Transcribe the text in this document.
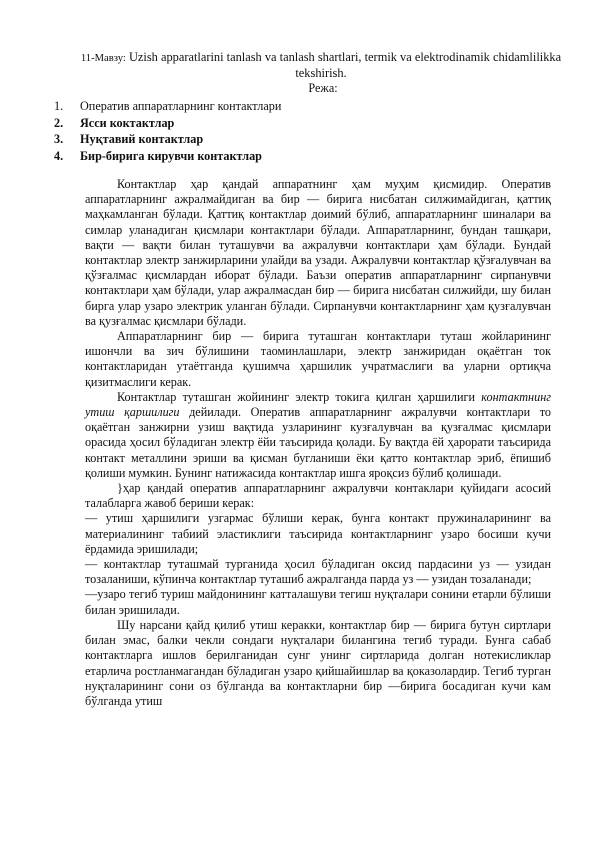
11-Мавзу: Uzish apparatlarini tanlash va tanlash shartlari, termik va elektrodinamik chidamlilikka tekshirish.
Режа:
1.	Оператив аппаратларнинг контактлари
2.	Ясси коктактлар
3.	Нуқтавий контактлар
4.	Бир-бирига кирувчи контактлар

Контактлар ҳар қандай аппаратнинг ҳам муҳим қисмидир. Оператив аппаратларнинг ажралмайдиган ва бир — бирига нисбатан силжимайдиган, қаттиқ маҳкамланган бўлади. Қаттиқ контактлар доимий бўлиб, аппаратларнинг шиналари ва симлар уланадиган қисмлари контактлари бўлади. Аппаратларнинг, бундан ташқари, вақти — вақти билан туташувчи ва ажралувчи контактлари ҳам бўлади. Бундай контактлар электр занжирларини улайди ва узади. Ажралувчи контактлар қўзғалувчан ва қўзғалмас қисмлардан иборат бўлади. Баъзи оператив аппаратларнинг сирпанувчи контактлари ҳам бўлади, улар ажралмасдан бир — бирига нисбатан силжийди, шу билан бирга улар узаро электрик уланган бўлади. Сирпанувчи контактларнинг ҳам қузғалувчан ва қузғалмас қисмлари бўлади.

Аппаратларнинг бир — бирига туташган контактлари туташ жойларининг ишончли ва зич бўлишини таоминлашлари, электр занжиридан оқаётган ток контактларидан утаётганда қушимча ҳаршилик учратмаслиги ва уларни ортиқча қизитмаслиги керак.

Контактлар туташган жойининг электр токига қилган ҳаршилиги контактнинг утиш қаршилиги дейилади. Оператив аппаратларнинг ажралувчи контактлари то оқаётган занжирни узиш вақтида узларининг кузғалувчан ва қузғалмас қисмлари орасида ҳосил бўладиган электр ёйи таъсирида қолади. Бу вақтда ёй ҳарорати таъсирида контакт металлини эриши ва қисман бугланиши ёки қатто контактлар эриб, ёпишиб қолиши мумкин. Бунинг натижасида контактлар ишга яроқсиз бўлиб қолишади.

}ҳар қандай оператив аппаратларнинг ажралувчи контаклари қуйидаги асосий талабларга жавоб бериши керак:

— утиш ҳаршилиги узгармас бўлиши керак, бунга контакт пружиналарининг ва материалининг табиий эластиклиги таъсирида контактларнинг узаро босиши кучи ёрдамида эришилади;

— контактлар туташмай турганида ҳосил бўладиган оксид пардасини уз — узидан тозаланиши, кўпинча контактлар туташиб ажралганда парда уз — узидан тозаланади;

—узаро тегиб туриш майдонининг катталашуви тегиш нуқталари сонини етарли бўлиши билан эришилади.

Шу нарсани қайд қилиб утиш керакки, контактлар бир — бирига бутун сиртлари билан эмас, балки чекли сондаги нуқталари билангина тегиб туради. Бунга сабаб контактларга ишлов берилганидан сунг унинг сиртларида долган нотекисликлар етарлича ростланмагандан бўладиган узаро қийшайишлар ва қоказолардир. Тегиб турган нуқталарининг сони оз бўлганда ва контактларни бир —бирига босадиган кучи кам бўлганда утиш
